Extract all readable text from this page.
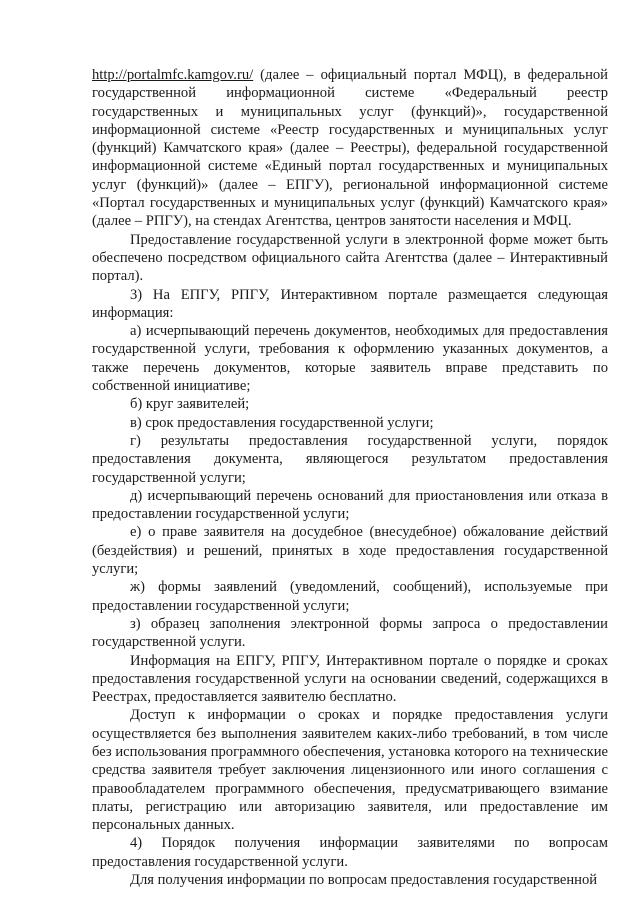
http://portalmfc.kamgov.ru/ (далее – официальный портал МФЦ), в федеральной государственной информационной системе «Федеральный реестр государственных и муниципальных услуг (функций)», государственной информационной системе «Реестр государственных и муниципальных услуг (функций) Камчатского края» (далее – Реестры), федеральной государственной информационной системе «Единый портал государственных и муниципальных услуг (функций)» (далее – ЕПГУ), региональной информационной системе «Портал государственных и муниципальных услуг (функций) Камчатского края» (далее – РПГУ), на стендах Агентства, центров занятости населения и МФЦ.

Предоставление государственной услуги в электронной форме может быть обеспечено посредством официального сайта Агентства (далее – Интерактивный портал).

3) На ЕПГУ, РПГУ, Интерактивном портале размещается следующая информация:

а) исчерпывающий перечень документов, необходимых для предоставления государственной услуги, требования к оформлению указанных документов, а также перечень документов, которые заявитель вправе представить по собственной инициативе;

б) круг заявителей;

в) срок предоставления государственной услуги;

г) результаты предоставления государственной услуги, порядок предоставления документа, являющегося результатом предоставления государственной услуги;

д) исчерпывающий перечень оснований для приостановления или отказа в предоставлении государственной услуги;

е) о праве заявителя на досудебное (внесудебное) обжалование действий (бездействия) и решений, принятых в ходе предоставления государственной услуги;

ж) формы заявлений (уведомлений, сообщений), используемые при предоставлении государственной услуги;

з) образец заполнения электронной формы запроса о предоставлении государственной услуги.

Информация на ЕПГУ, РПГУ, Интерактивном портале о порядке и сроках предоставления государственной услуги на основании сведений, содержащихся в Реестрах, предоставляется заявителю бесплатно.

Доступ к информации о сроках и порядке предоставления услуги осуществляется без выполнения заявителем каких-либо требований, в том числе без использования программного обеспечения, установка которого на технические средства заявителя требует заключения лицензионного или иного соглашения с правообладателем программного обеспечения, предусматривающего взимание платы, регистрацию или авторизацию заявителя, или предоставление им персональных данных.

4) Порядок получения информации заявителями по вопросам предоставления государственной услуги.

Для получения информации по вопросам предоставления государственной
